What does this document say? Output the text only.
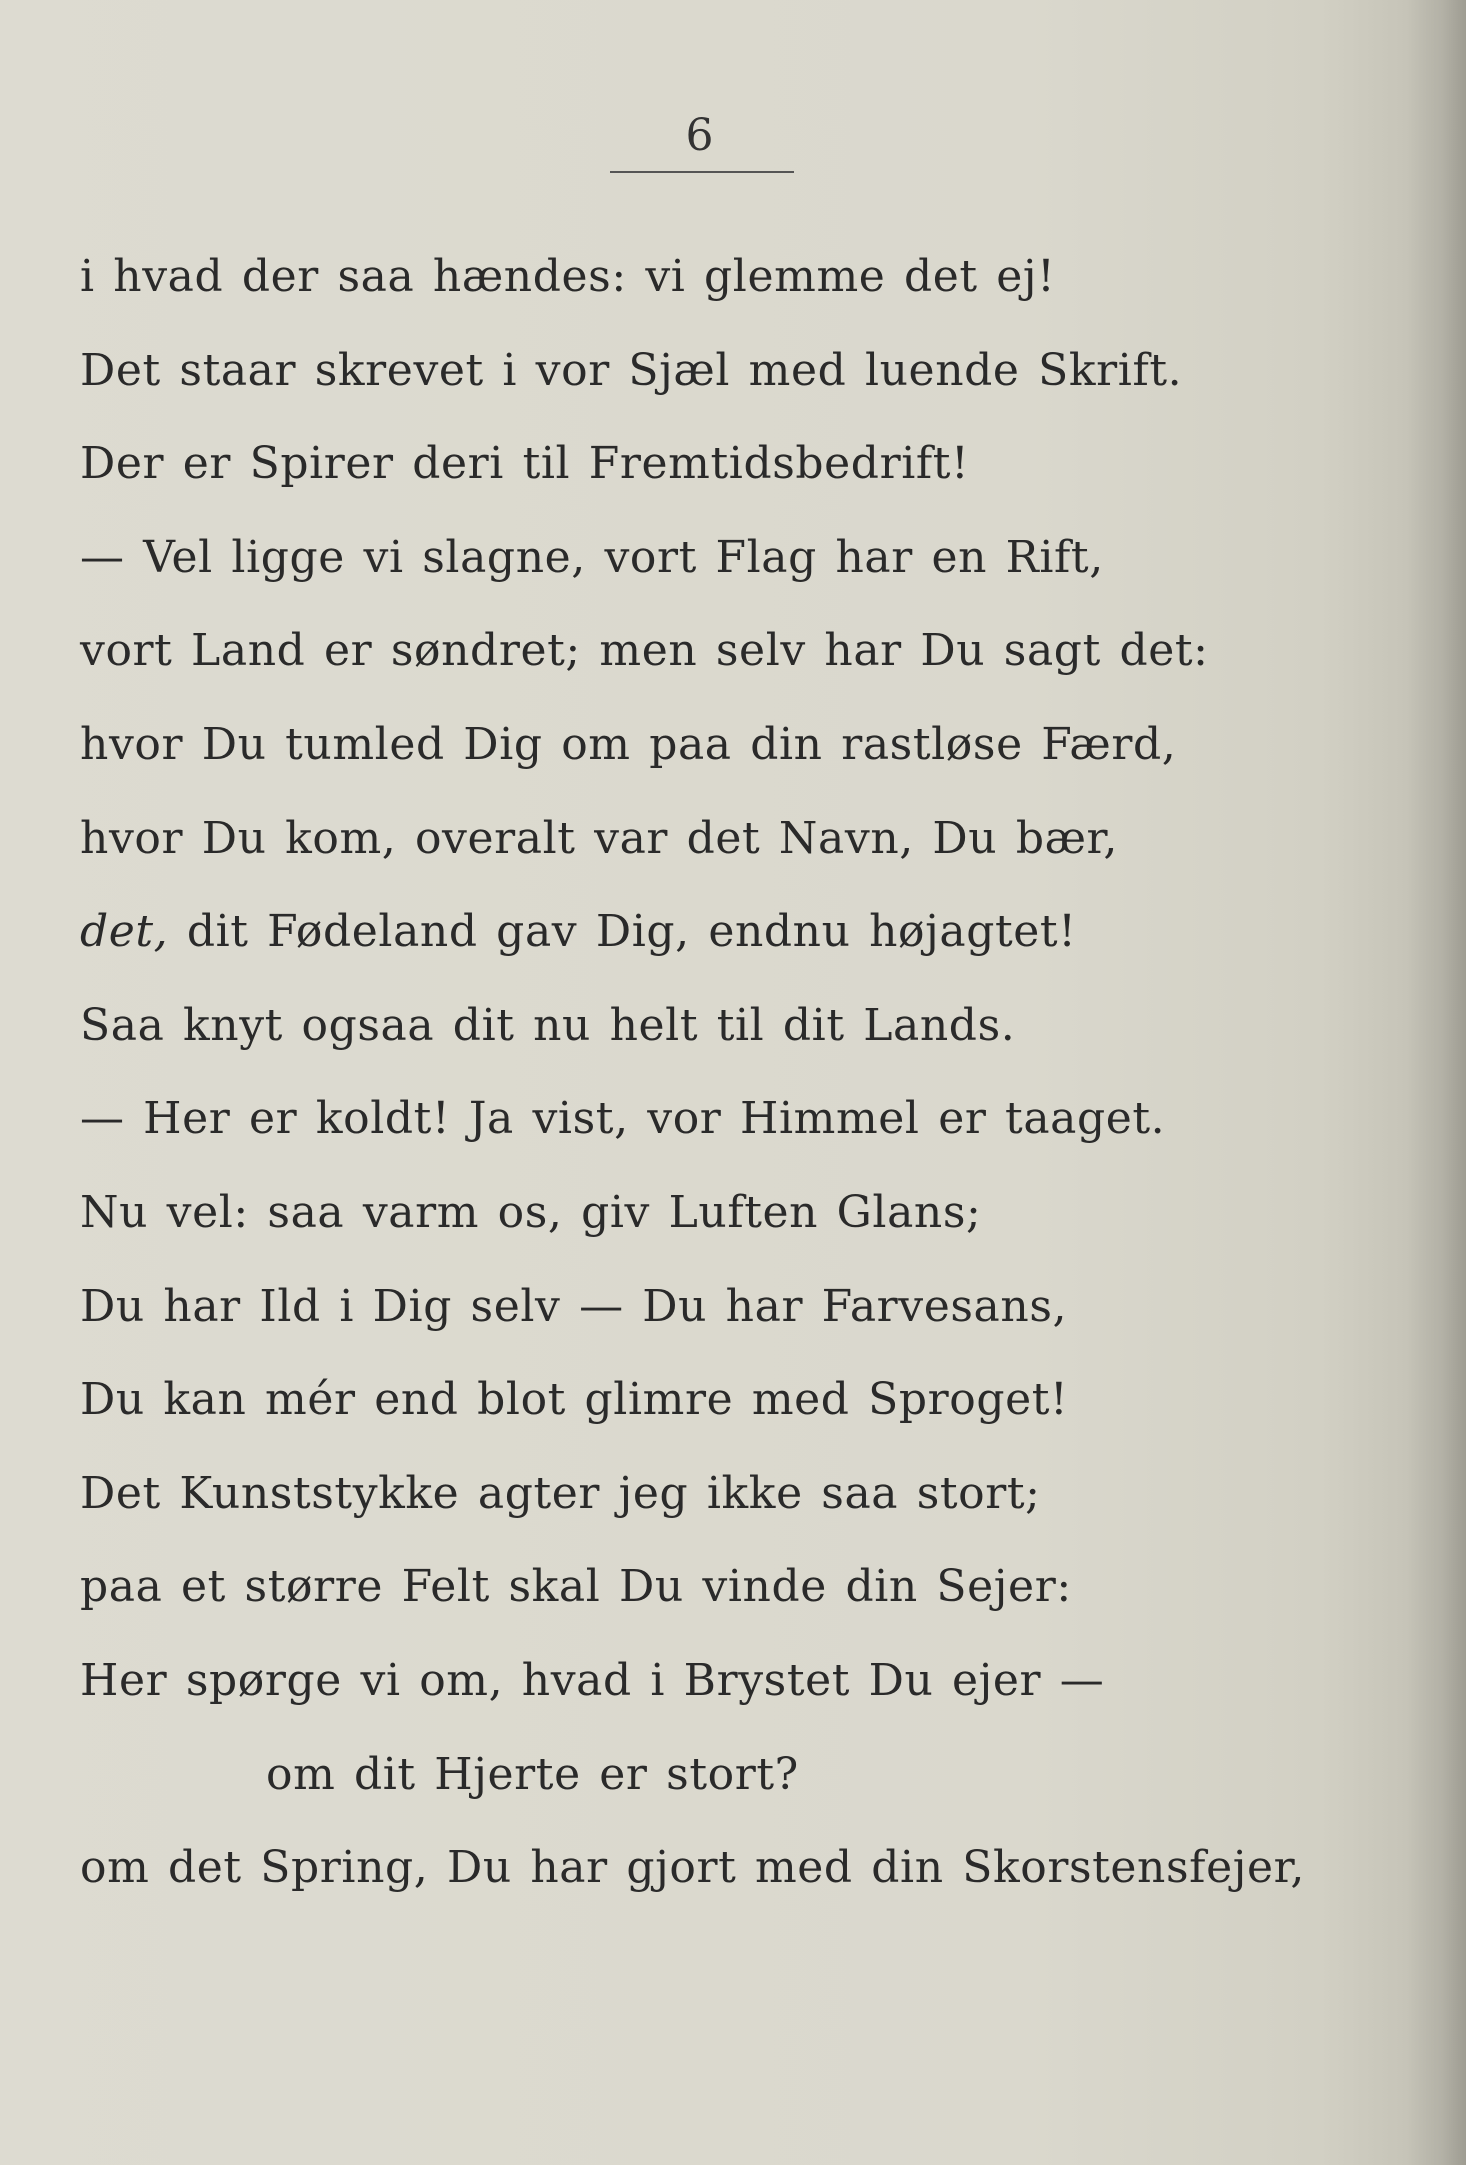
6
i hvad der saa hændes: vi glemme det ej!
Det staar skrevet i vor Sjæl med luende Skrift.
Der er Spirer deri til Fremtidsbedrift!
— Vel ligge vi slagne, vort Flag har en Rift,
vort Land er søndret; men selv har Du sagt det:
hvor Du tumled Dig om paa din rastløse Færd,
hvor Du kom, overalt var det Navn, Du bær,
det, dit Fødeland gav Dig, endnu højagtet!
Saa knyt ogsaa dit nu helt til dit Lands.
— Her er koldt! Ja vist, vor Himmel er taaget.
Nu vel: saa varm os, giv Luften Glans;
Du har Ild i Dig selv — Du har Farvesans,
Du kan mér end blot glimre med Sproget!
Det Kunststykke agter jeg ikke saa stort;
paa et større Felt skal Du vinde din Sejer:
Her spørge vi om, hvad i Brystet Du ejer —
om dit Hjerte er stort?
om det Spring, Du har gjort med din Skorstensfejer,
